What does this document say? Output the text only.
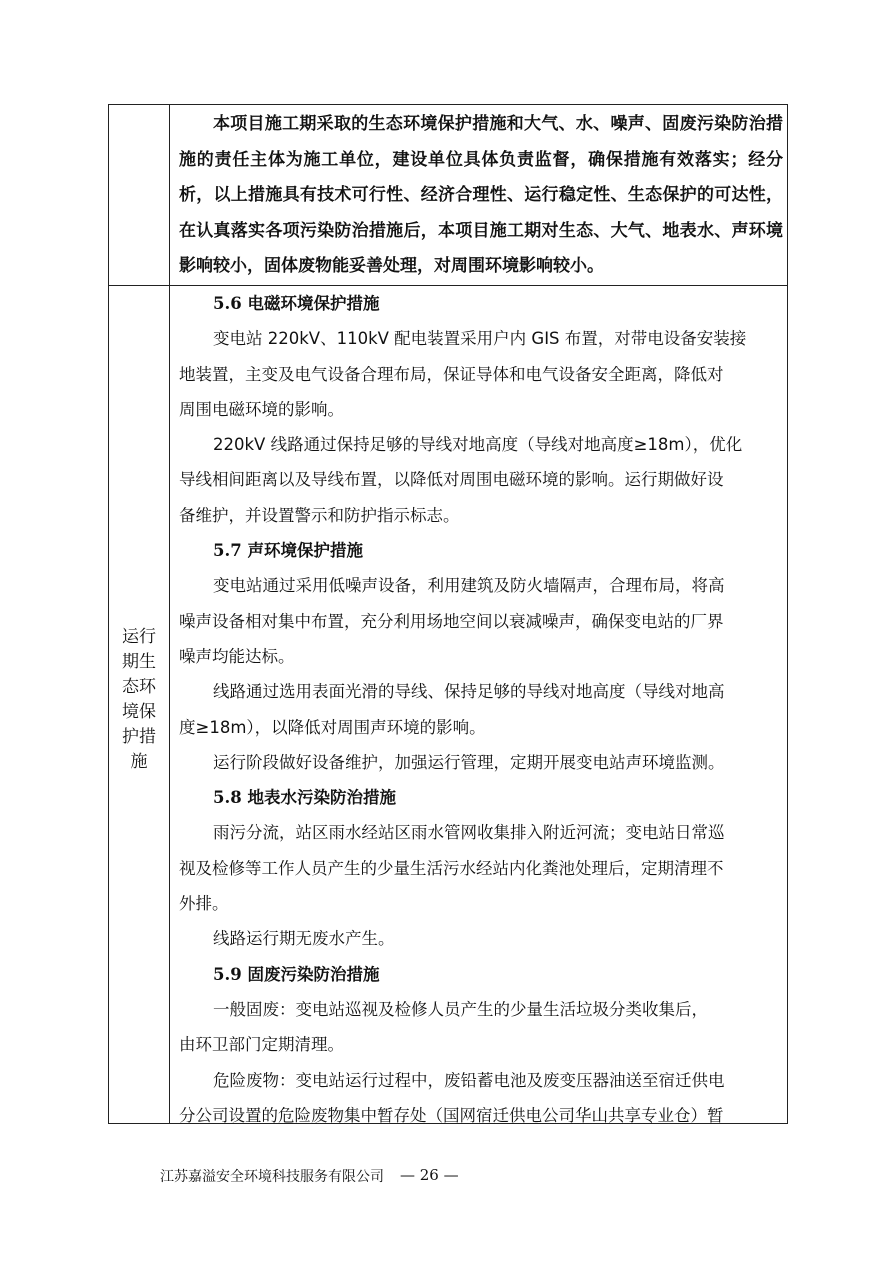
本项目施工期采取的生态环境保护措施和大气、水、噪声、固废污染防治措施的责任主体为施工单位，建设单位具体负责监督，确保措施有效落实；经分析，以上措施具有技术可行性、经济合理性、运行稳定性、生态保护的可达性，在认真落实各项污染防治措施后，本项目施工期对生态、大气、地表水、声环境影响较小，固体废物能妥善处理，对周围环境影响较小。

运行期生态环境保护措施
5.6 电磁环境保护措施
变电站 220kV、110kV 配电装置采用户内 GIS 布置，对带电设备安装接
地装置，主变及电气设备合理布局，保证导体和电气设备安全距离，降低对
周围电磁环境的影响。
220kV 线路通过保持足够的导线对地高度（导线对地高度≥18m），优化
导线相间距离以及导线布置，以降低对周围电磁环境的影响。运行期做好设
备维护，并设置警示和防护指示标志。
5.7 声环境保护措施
变电站通过采用低噪声设备，利用建筑及防火墙隔声，合理布局，将高
噪声设备相对集中布置，充分利用场地空间以衰减噪声，确保变电站的厂界
噪声均能达标。
线路通过选用表面光滑的导线、保持足够的导线对地高度（导线对地高
度≥18m），以降低对周围声环境的影响。
运行阶段做好设备维护，加强运行管理，定期开展变电站声环境监测。
5.8 地表水污染防治措施
雨污分流，站区雨水经站区雨水管网收集排入附近河流；变电站日常巡
视及检修等工作人员产生的少量生活污水经站内化粪池处理后，定期清理不
外排。
线路运行期无废水产生。
5.9 固废污染防治措施
一般固废：变电站巡视及检修人员产生的少量生活垃圾分类收集后，
由环卫部门定期清理。
危险废物：变电站运行过程中，废铅蓄电池及废变压器油送至宿迁供电
分公司设置的危险废物集中暂存处（国网宿迁供电公司华山共享专业仓）暂
江苏嘉溢安全环境科技服务有限公司 — 26 —
